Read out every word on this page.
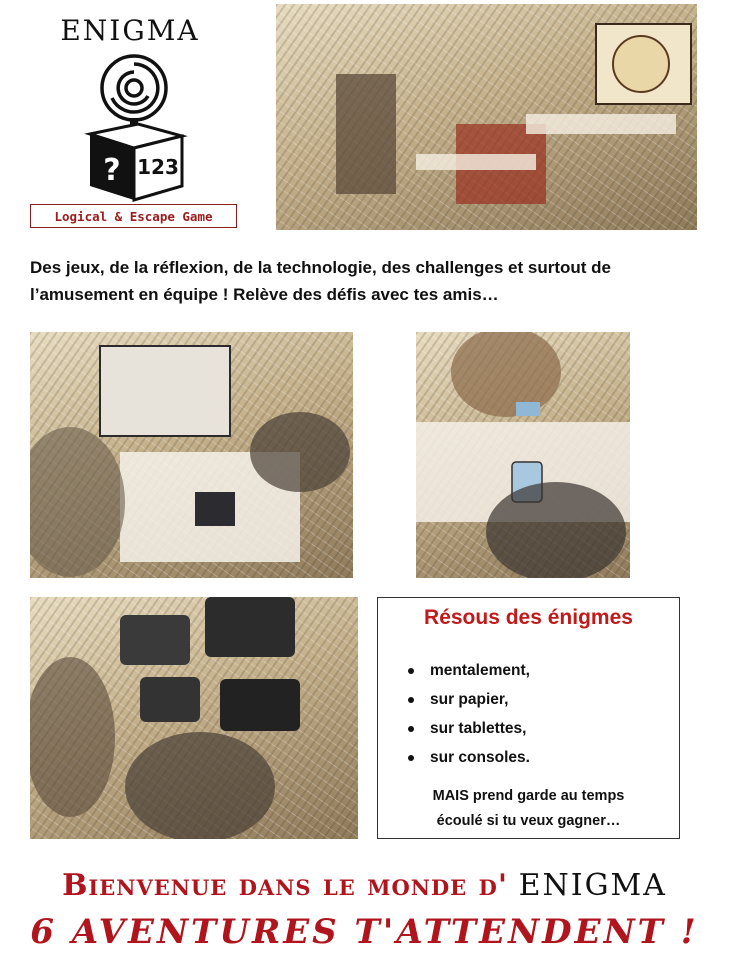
ENIGMA
? 123
Logical & Escape Game

Des jeux, de la réflexion, de la technologie, des challenges et surtout de

l’amusement en équipe ! Relève des défis avec tes amis…

Résous des énigmes
mentalement,
sur papier,
sur tablettes,
sur consoles.

MAIS prend garde au temps

écoulé si tu veux gagner…

Bienvenue dans le monde d' ENIGMA
6 AVENTURES T'ATTENDENT !
